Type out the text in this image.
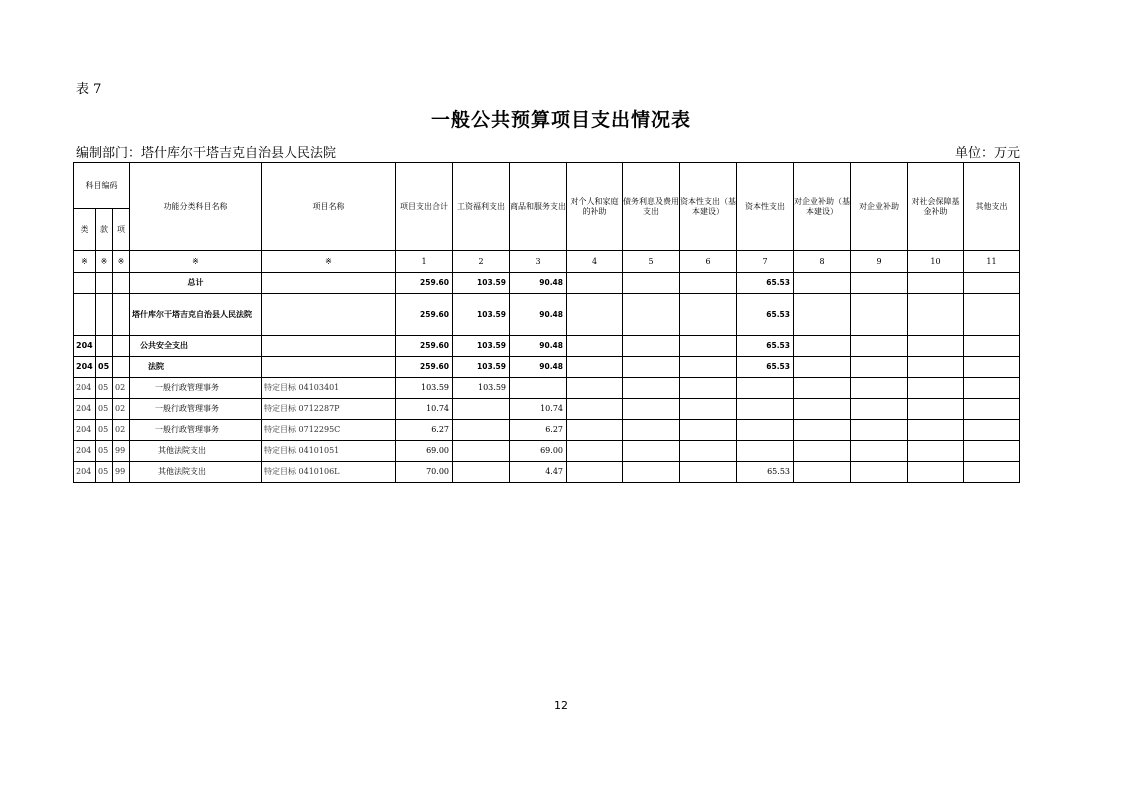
表 7
一般公共预算项目支出情况表
编制部门：塔什库尔干塔吉克自治县人民法院	单位：万元
科目编码			功能分类科目名称	项目名称	项目支出合计	工资福利支出	商品和服务支出	对个人和家庭的补助	债务利息及费用支出	资本性支出（基本建设）	资本性支出	对企业补助（基本建设）	对企业补助	对社会保障基金补助	其他支出
类	款	项													
※	※	※	※	※	1	2	3	4	5	6	7	8	9	10	11
			总计		259.60	103.59	90.48				65.53				
			塔什库尔干塔吉克自治县人民法院		259.60	103.59	90.48				65.53				
204			公共安全支出		259.60	103.59	90.48				65.53				
204	05		法院		259.60	103.59	90.48				65.53				
204	05	02	一般行政管理事务	特定目标 04103401	103.59	103.59									
204	05	02	一般行政管理事务	特定目标 0712287P	10.74		10.74								
204	05	02	一般行政管理事务	特定目标 0712295C	6.27		6.27								
204	05	99	其他法院支出	特定目标 04101051	69.00		69.00								
204	05	99	其他法院支出	特定目标 0410106L	70.00		4.47				65.53				
12
